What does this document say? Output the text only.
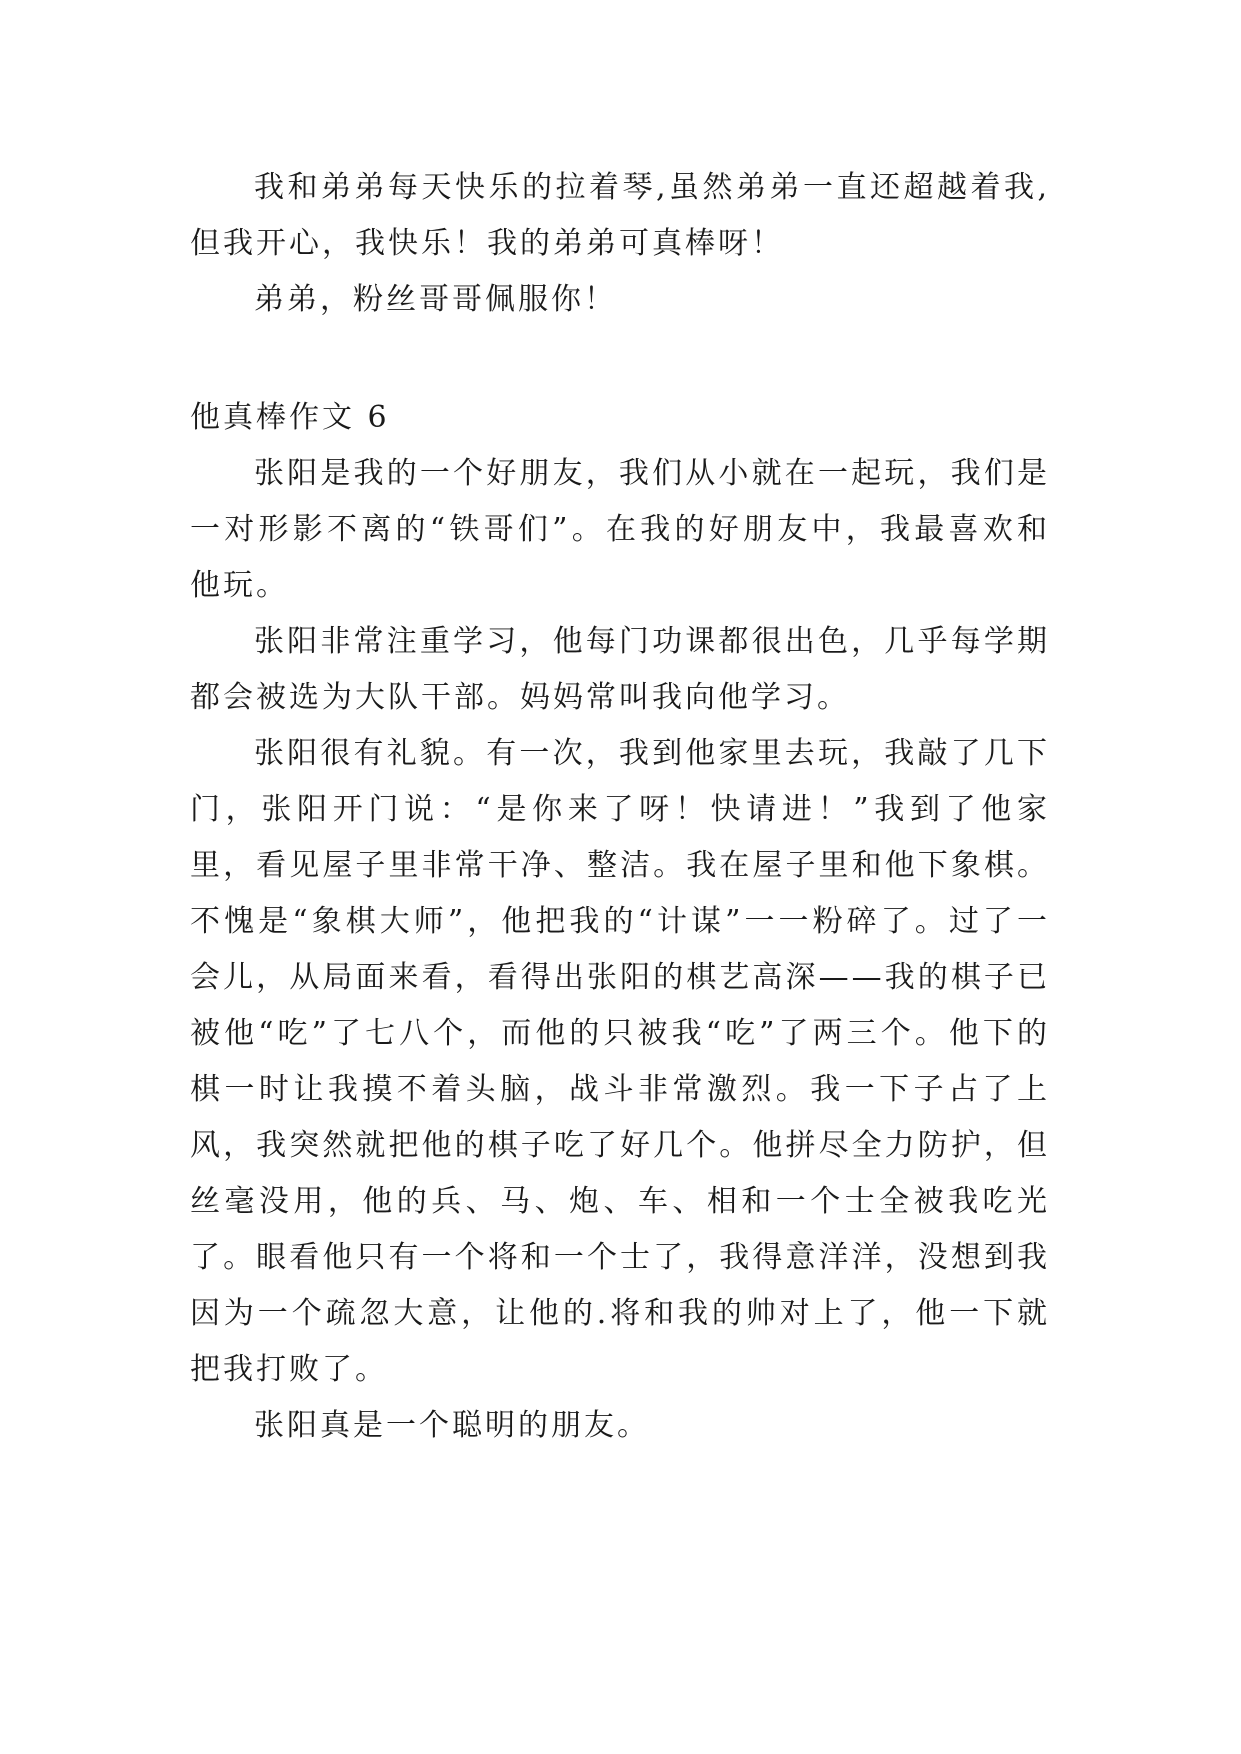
我和弟弟每天快乐的拉着琴,虽然弟弟一直还超越着我,但我开心，我快乐！我的弟弟可真棒呀！

弟弟，粉丝哥哥佩服你！

他真棒作文 6

张阳是我的一个好朋友，我们从小就在一起玩，我们是一对形影不离的“铁哥们”。在我的好朋友中，我最喜欢和他玩。

张阳非常注重学习，他每门功课都很出色，几乎每学期都会被选为大队干部。妈妈常叫我向他学习。

张阳很有礼貌。有一次，我到他家里去玩，我敲了几下门，张阳开门说：“是你来了呀！快请进！”我到了他家里，看见屋子里非常干净、整洁。我在屋子里和他下象棋。不愧是“象棋大师”，他把我的“计谋”一一粉碎了。过了一会儿，从局面来看，看得出张阳的棋艺高深——我的棋子已被他“吃”了七八个，而他的只被我“吃”了两三个。他下的棋一时让我摸不着头脑，战斗非常激烈。我一下子占了上风，我突然就把他的棋子吃了好几个。他拼尽全力防护，但丝毫没用，他的兵、马、炮、车、相和一个士全被我吃光了。眼看他只有一个将和一个士了，我得意洋洋，没想到我因为一个疏忽大意，让他的.将和我的帅对上了，他一下就把我打败了。

张阳真是一个聪明的朋友。
